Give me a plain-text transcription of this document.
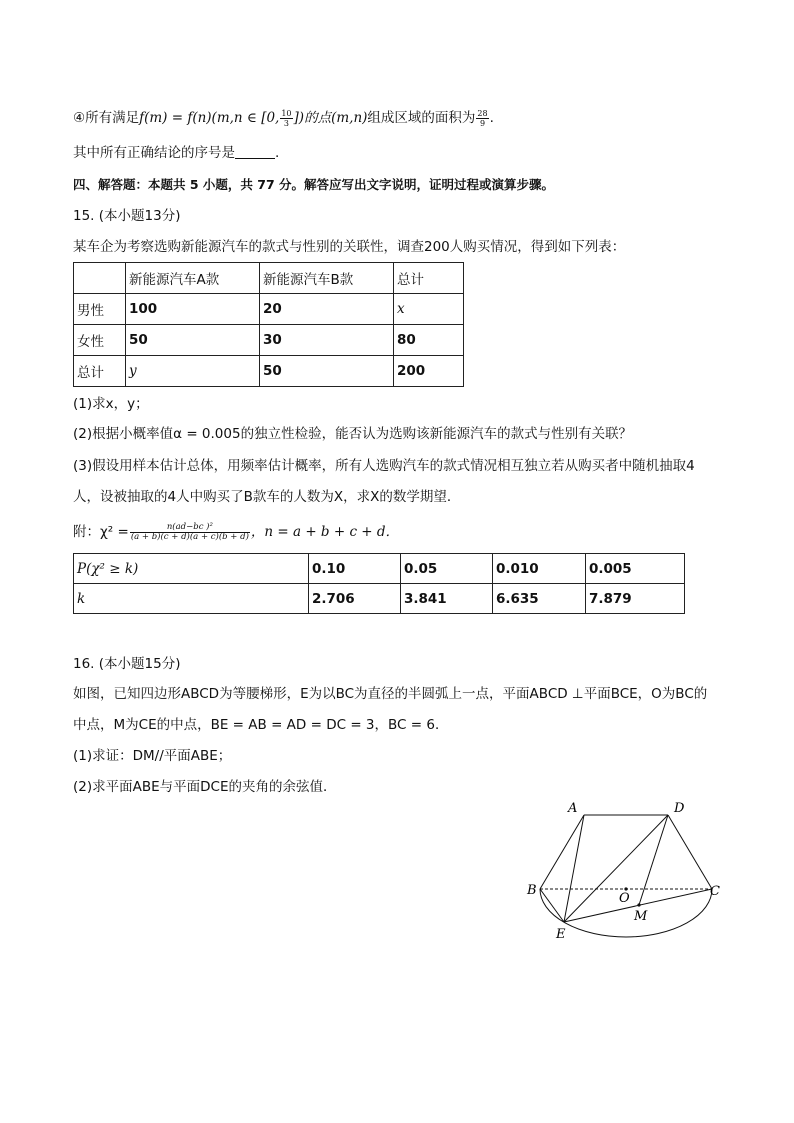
④所有满足f(m) = f(n)(m,n ∈ [0, $\frac{10}{3}$ ])的点(m,n)组成区域的面积为 $\frac{28}{9}$ .
其中所有正确结论的序号是	.
四、解答题：本题共 5 小题，共 77 分。解答应写出文字说明，证明过程或演算步骤。
15. (本小题13分)
某车企为考察选购新能源汽车的款式与性别的关联性，调查200人购买情况，得到如下列表：
	新能源汽车A款	新能源汽车B款	总计
男性	100	20	x
女性	50	30	80
总计	y	50	200
(1)求x，y；
(2)根据小概率值α = 0.005的独立性检验，能否认为选购该新能源汽车的款式与性别有关联？
(3)假设用样本估计总体，用频率估计概率，所有人选购汽车的款式情况相互独立若从购买者中随机抽取4
人，设被抽取的4人中购买了B款车的人数为X，求X的数学期望．
附：$\chi^2 = \frac{\text{n(ad−bc )²}}{(a + b)(c + d)(a + c)(b + d)}$ ，n = a + b + c + d．
P(χ² ≥ k)	0.10	0.05	0.010	0.005
k	2.706	3.841	6.635	7.879
16. (本小题15分)
如图，已知四边形ABCD为等腰梯形，E为以BC为直径的半圆弧上一点，平面ABCD ⊥平面BCE，O为BC的
中点，M为CE的中点，BE = AB = AD = DC = 3，BC = 6．
(1)求证：DM//平面ABE；
(2)求平面ABE与平面DCE的夹角的余弦值．
A	D
B	C
O
M
E
